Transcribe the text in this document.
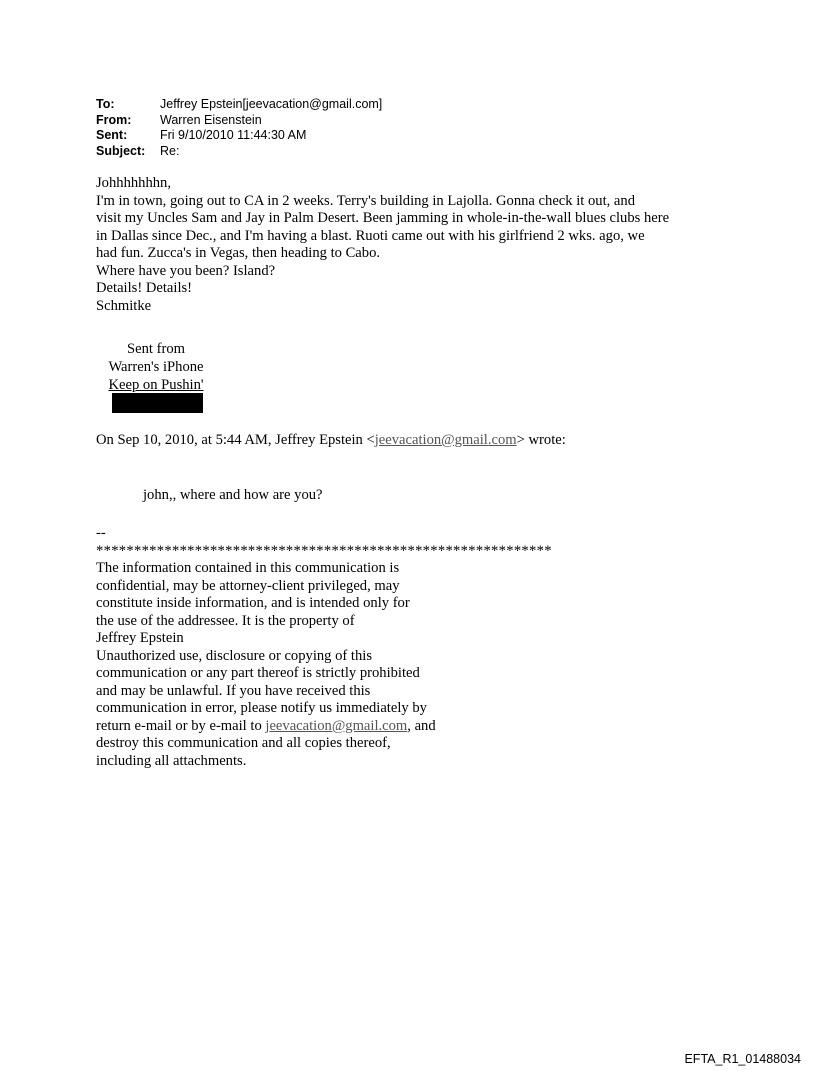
To:	Jeffrey Epstein[jeevacation@gmail.com]
From:	Warren Eisenstein
Sent:	Fri 9/10/2010 11:44:30 AM
Subject:	Re:
Johhhhhhhn,
I'm in town, going out to CA in 2 weeks. Terry's building in Lajolla. Gonna check it out, and
visit my Uncles Sam and Jay in Palm Desert. Been jamming in whole-in-the-wall blues clubs here
in Dallas since Dec., and I'm having a blast. Ruoti came out with his girlfriend 2 wks. ago, we
had fun. Zucca's in Vegas, then heading to Cabo.
Where have you been? Island?
Details! Details!
Schmitke
Sent from
Warren's iPhone
Keep on Pushin'
On Sep 10, 2010, at 5:44 AM, Jeffrey Epstein <jeevacation@gmail.com> wrote:
john,, where and how are you?
--
************************************************************
The information contained in this communication is
confidential, may be attorney-client privileged, may
constitute inside information, and is intended only for
the use of the addressee. It is the property of
Jeffrey Epstein
Unauthorized use, disclosure or copying of this
communication or any part thereof is strictly prohibited
and may be unlawful. If you have received this
communication in error, please notify us immediately by
return e-mail or by e-mail to jeevacation@gmail.com, and
destroy this communication and all copies thereof,
including all attachments.
EFTA_R1_01488034
